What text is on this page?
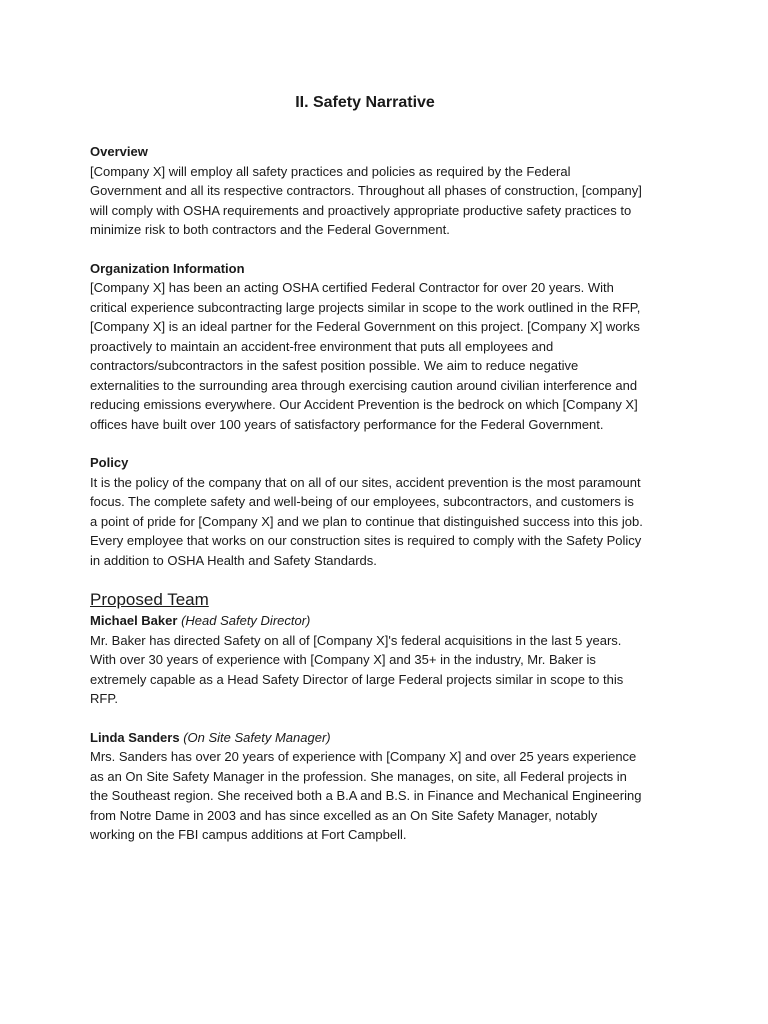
II. Safety Narrative

Overview

[Company X] will employ all safety practices and policies as required by the Federal
Government and all its respective contractors. Throughout all phases of construction, [company]
will comply with OSHA requirements and proactively appropriate productive safety practices to
minimize risk to both contractors and the Federal Government.

Organization Information

[Company X] has been an acting OSHA certified Federal Contractor for over 20 years. With
critical experience subcontracting large projects similar in scope to the work outlined in the RFP,
[Company X] is an ideal partner for the Federal Government on this project. [Company X] works
proactively to maintain an accident-free environment that puts all employees and
contractors/subcontractors in the safest position possible. We aim to reduce negative
externalities to the surrounding area through exercising caution around civilian interference and
reducing emissions everywhere. Our Accident Prevention is the bedrock on which [Company X]
offices have built over 100 years of satisfactory performance for the Federal Government.

Policy

It is the policy of the company that on all of our sites, accident prevention is the most paramount
focus. The complete safety and well-being of our employees, subcontractors, and customers is
a point of pride for [Company X] and we plan to continue that distinguished success into this job.
Every employee that works on our construction sites is required to comply with the Safety Policy
in addition to OSHA Health and Safety Standards.

Proposed Team

Michael Baker (Head Safety Director)

Mr. Baker has directed Safety on all of [Company X]'s federal acquisitions in the last 5 years.
With over 30 years of experience with [Company X] and 35+ in the industry, Mr. Baker is
extremely capable as a Head Safety Director of large Federal projects similar in scope to this
RFP.

Linda Sanders (On Site Safety Manager)

Mrs. Sanders has over 20 years of experience with [Company X] and over 25 years experience
as an On Site Safety Manager in the profession. She manages, on site, all Federal projects in
the Southeast region. She received both a B.A and B.S. in Finance and Mechanical Engineering
from Notre Dame in 2003 and has since excelled as an On Site Safety Manager, notably
working on the FBI campus additions at Fort Campbell.
